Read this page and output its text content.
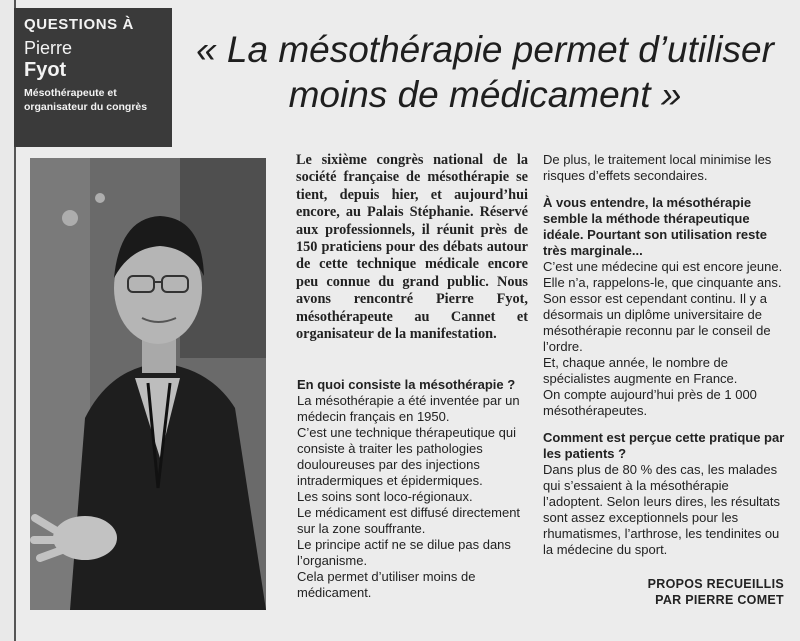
QUESTIONS À
Pierre
Fyot
Mésothérapeute et organisateur du congrès
« La mésothérapie permet d’utiliser moins de médicament »
Le sixième congrès national de la société française de mésothérapie se tient, depuis hier, et aujourd’hui encore, au Palais Stéphanie. Réservé aux professionnels, il réunit près de 150 praticiens pour des débats autour de cette technique médicale encore peu connue du grand public. Nous avons rencontré Pierre Fyot, mésothérapeute au Cannet et organisateur de la manifestation.

En quoi consiste la mésothérapie ?

La mésothérapie a été inventée par un médecin français en 1950.

C’est une technique thérapeutique qui consiste à traiter les pathologies douloureuses par des injections intradermiques et épidermiques.

Les soins sont loco-régionaux.

Le médicament est diffusé directement sur la zone souffrante.

Le principe actif ne se dilue pas dans l’organisme.

Cela permet d’utiliser moins de médicament.

De plus, le traitement local minimise les risques d’effets secondaires.

À vous entendre, la mésothérapie semble la méthode thérapeutique idéale. Pourtant son utilisation reste très marginale...

C’est une médecine qui est encore jeune. Elle n’a, rappelons-le, que cinquante ans. Son essor est cependant continu. Il y a désormais un diplôme universitaire de mésothérapie reconnu par le conseil de l’ordre.

Et, chaque année, le nombre de spécialistes augmente en France.

On compte aujourd’hui près de 1 000 mésothérapeutes.

Comment est perçue cette pratique par les patients ?

Dans plus de 80 % des cas, les malades qui s’essaient à la mésothérapie l’adoptent. Selon leurs dires, les résultats sont assez exceptionnels pour les rhumatismes, l’arthrose, les tendinites ou la médecine du sport.

PROPOS RECUEILLIS
PAR PIERRE COMET
